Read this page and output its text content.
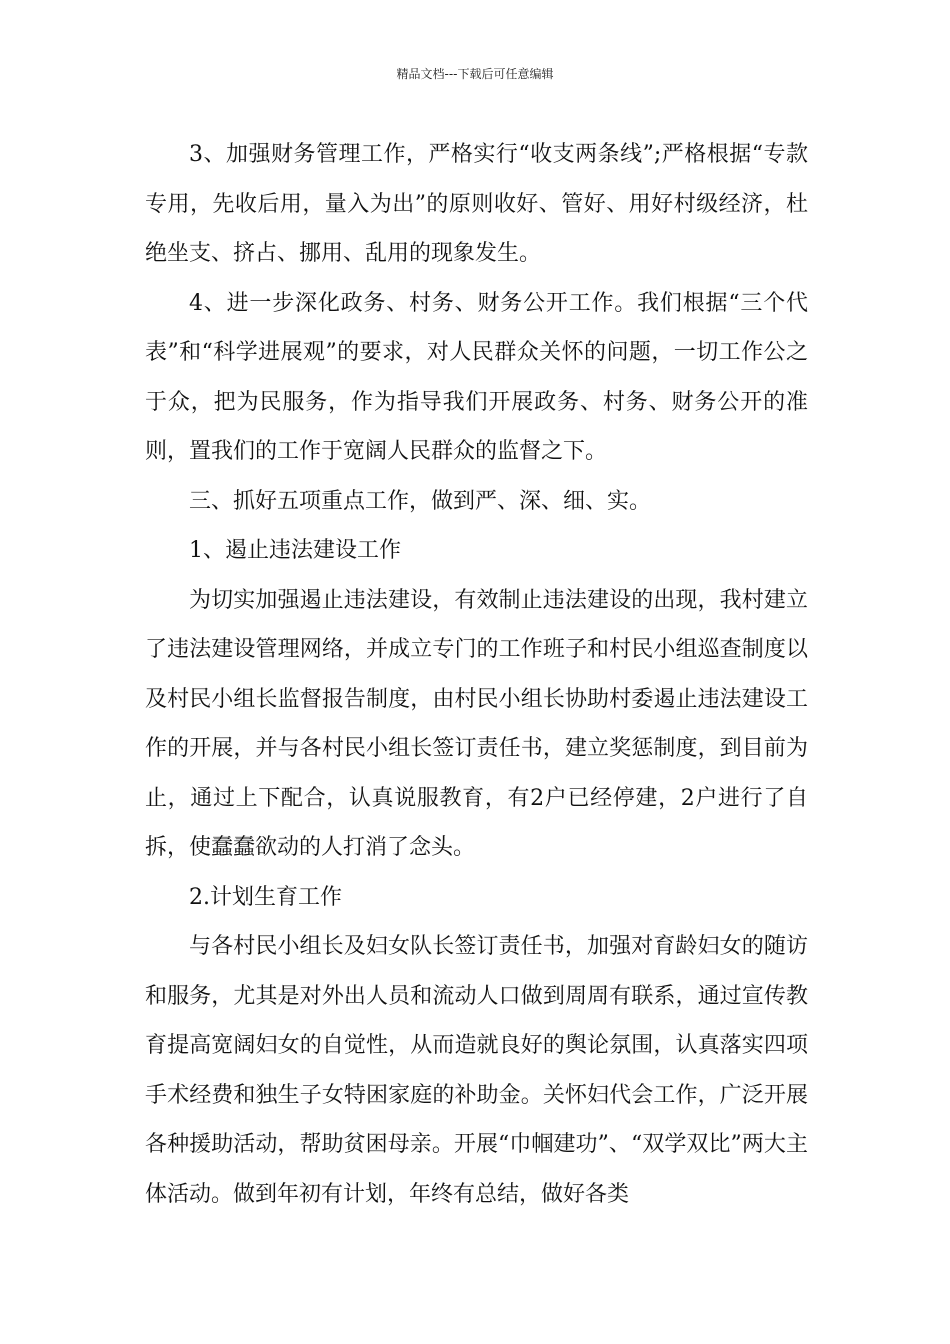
精品文档---下载后可任意编辑

3、加强财务管理工作，严格实行“收支两条线”;严格根据“专款专用，先收后用，量入为出”的原则收好、管好、用好村级经济，杜绝坐支、挤占、挪用、乱用的现象发生。

4、进一步深化政务、村务、财务公开工作。我们根据“三个代表”和“科学进展观”的要求，对人民群众关怀的问题，一切工作公之于众，把为民服务，作为指导我们开展政务、村务、财务公开的准则，置我们的工作于宽阔人民群众的监督之下。

三、抓好五项重点工作，做到严、深、细、实。

1、遏止违法建设工作

为切实加强遏止违法建设，有效制止违法建设的出现，我村建立了违法建设管理网络，并成立专门的工作班子和村民小组巡查制度以及村民小组长监督报告制度，由村民小组长协助村委遏止违法建设工作的开展，并与各村民小组长签订责任书，建立奖惩制度，到目前为止，通过上下配合，认真说服教育，有2户已经停建，2户进行了自拆，使蠢蠢欲动的人打消了念头。

2.计划生育工作

与各村民小组长及妇女队长签订责任书，加强对育龄妇女的随访和服务，尤其是对外出人员和流动人口做到周周有联系，通过宣传教育提高宽阔妇女的自觉性，从而造就良好的舆论氛围，认真落实四项手术经费和独生子女特困家庭的补助金。关怀妇代会工作，广泛开展各种援助活动，帮助贫困母亲。开展“巾帼建功”、“双学双比”两大主体活动。做到年初有计划，年终有总结，做好各类
